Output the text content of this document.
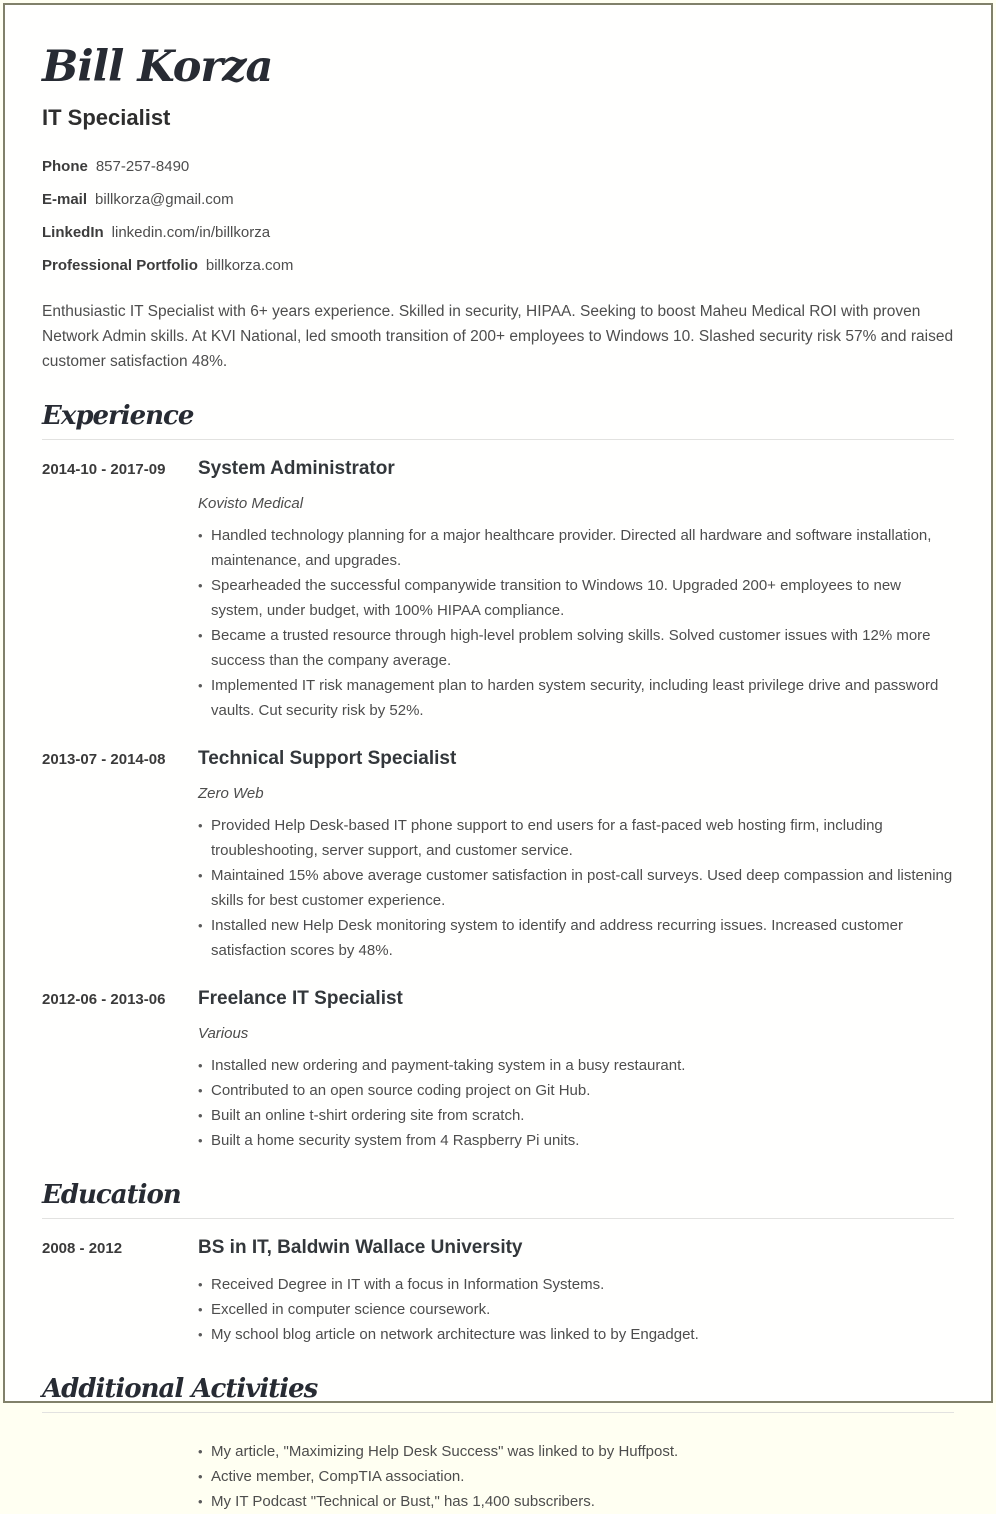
Bill Korza
IT Specialist
Phone 857-257-8490
E-mail billkorza@gmail.com
LinkedIn linkedin.com/in/billkorza
Professional Portfolio billkorza.com

Enthusiastic IT Specialist with 6+ years experience. Skilled in security, HIPAA. Seeking to boost Maheu Medical ROI with proven Network Admin skills. At KVI National, led smooth transition of 200+ employees to Windows 10. Slashed security risk 57% and raised customer satisfaction 48%.

Experience
2014-10 - 2017-09	System Administrator
Kovisto Medical
• Handled technology planning for a major healthcare provider. Directed all hardware and software installation, maintenance, and upgrades.
• Spearheaded the successful companywide transition to Windows 10. Upgraded 200+ employees to new system, under budget, with 100% HIPAA compliance.
• Became a trusted resource through high-level problem solving skills. Solved customer issues with 12% more success than the company average.
• Implemented IT risk management plan to harden system security, including least privilege drive and password vaults. Cut security risk by 52%.
2013-07 - 2014-08	Technical Support Specialist
Zero Web
• Provided Help Desk-based IT phone support to end users for a fast-paced web hosting firm, including troubleshooting, server support, and customer service.
• Maintained 15% above average customer satisfaction in post-call surveys. Used deep compassion and listening skills for best customer experience.
• Installed new Help Desk monitoring system to identify and address recurring issues. Increased customer satisfaction scores by 48%.
2012-06 - 2013-06	Freelance IT Specialist
Various
• Installed new ordering and payment-taking system in a busy restaurant.
• Contributed to an open source coding project on Git Hub.
• Built an online t-shirt ordering site from scratch.
• Built a home security system from 4 Raspberry Pi units.
Education
2008 - 2012	BS in IT, Baldwin Wallace University
• Received Degree in IT with a focus in Information Systems.
• Excelled in computer science coursework.
• My school blog article on network architecture was linked to by Engadget.
Additional Activities
• My article, "Maximizing Help Desk Success" was linked to by Huffpost.
• Active member, CompTIA association.
• My IT Podcast "Technical or Bust," has 1,400 subscribers.
